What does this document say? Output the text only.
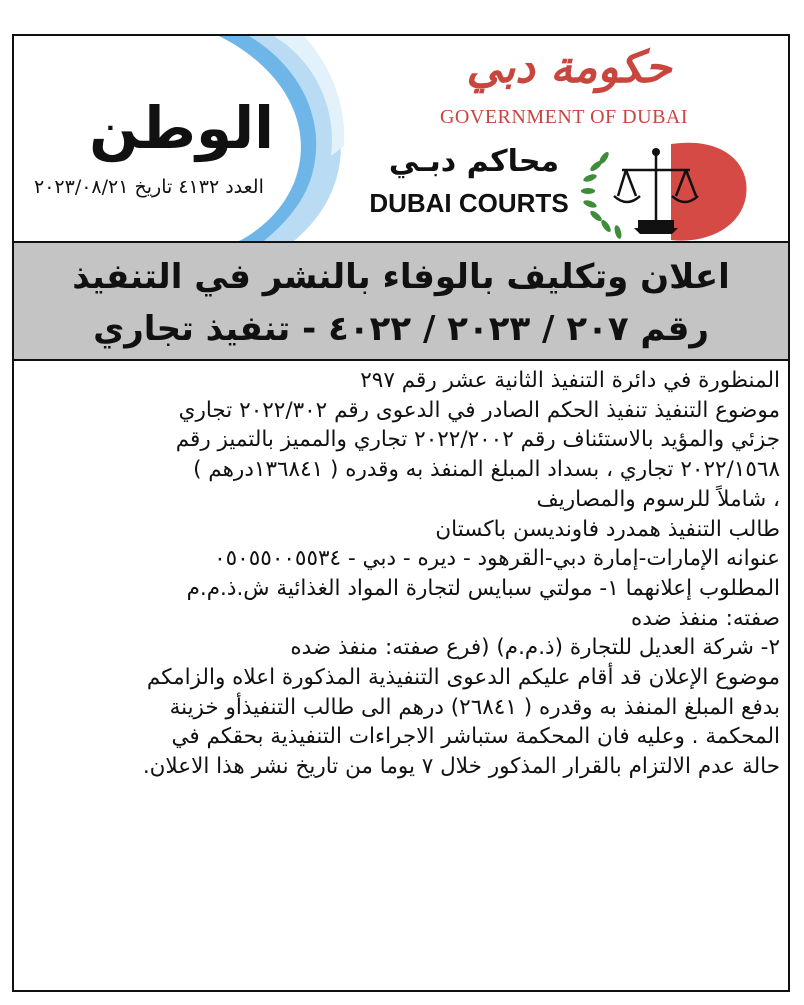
الوطن
العدد ٤١٣٢ تاريخ ٢٠٢٣/٠٨/٢١
حكومة دبي
GOVERNMENT OF DUBAI
محاكم دبـي
DUBAI COURTS
اعلان وتكليف بالوفاء بالنشر في التنفيذ
رقم ٢٠٧ / ٢٠٢٣ / ٤٠٢٢ - تنفيذ تجاري

المنظورة في دائرة التنفيذ الثانية عشر رقم ٢٩٧

موضوع التنفيذ تنفيذ الحكم الصادر في الدعوى رقم ٢٠٢٢/٣٠٢ تجاري

جزئي والمؤيد بالاستئناف رقم ٢٠٢٢/٢٠٠٢ تجاري والمميز بالتميز رقم

٢٠٢٢/١٥٦٨ تجاري ، بسداد المبلغ المنفذ به وقدره ( ١٣٦٨٤١درهم )

، شاملاً للرسوم والمصاريف

طالب التنفيذ همدرد فاونديسن باكستان

عنوانه الإمارات-إمارة دبي-القرهود - ديره - دبي - ٠٥٠٥٥٠٠٥٥٣٤

المطلوب إعلانهما ١- مولتي سبايس لتجارة المواد الغذائية ش.ذ.م.م

صفته: منفذ ضده

٢- شركة العديل للتجارة (ذ.م.م) (فرع صفته: منفذ ضده

موضوع الإعلان قد أقام عليكم الدعوى التنفيذية المذكورة اعلاه والزامكم

بدفع المبلغ المنفذ به وقدره ( ٢٦٨٤١) درهم الى طالب التنفيذأو خزينة

المحكمة . وعليه فان المحكمة ستباشر الاجراءات التنفيذية بحقكم في

حالة عدم الالتزام بالقرار المذكور خلال ٧ يوما من تاريخ نشر هذا الاعلان.
